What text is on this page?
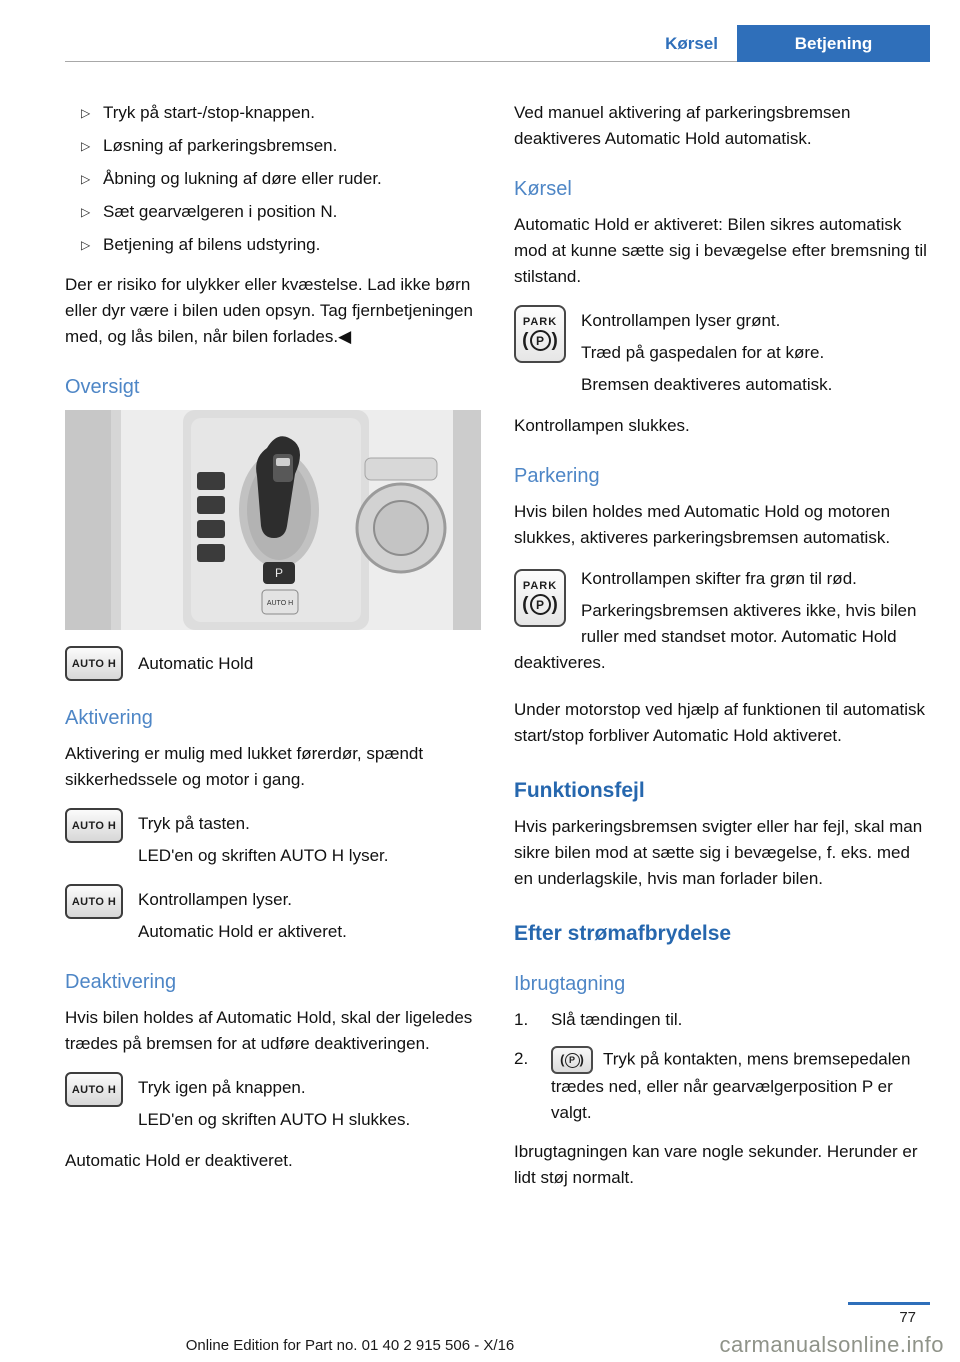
Kørsel	Betjening
▷ Tryk på start-/stop-knappen.
▷ Løsning af parkeringsbremsen.
▷ Åbning og lukning af døre eller ruder.
▷ Sæt gearvælgeren i position N.
▷ Betjening af bilens udstyring.

Der er risiko for ulykker eller kvæstelse. Lad ikke børn eller dyr være i bilen uden opsyn. Tag fjernbetjeningen med, og lås bilen, når bilen forlades.◀

Oversigt
P
AUTO H
AUTO H Automatic Hold

Aktivering

Aktivering er mulig med lukket førerdør, spændt sikkerhedssele og motor i gang.

AUTO H Tryk på tasten.

LED'en og skriften AUTO H lyser.

AUTO H Kontrollampen lyser.

Automatic Hold er aktiveret.

Deaktivering

Hvis bilen holdes af Automatic Hold, skal der ligeledes trædes på bremsen for at udføre deaktiveringen.

AUTO H Tryk igen på knappen.

LED'en og skriften AUTO H slukkes.

Automatic Hold er deaktiveret.

Ved manuel aktivering af parkeringsbremsen deaktiveres Automatic Hold automatisk.

Kørsel

Automatic Hold er aktiveret: Bilen sikres automatisk mod at kunne sætte sig i bevægelse efter bremsning til stilstand.

PARK
( P )

Kontrollampen lyser grønt.

Træd på gaspedalen for at køre.

Bremsen deaktiveres automatisk.

Kontrollampen slukkes.

Parkering

Hvis bilen holdes med Automatic Hold og motoren slukkes, aktiveres parkeringsbremsen automatisk.

PARK
( P )

Kontrollampen skifter fra grøn til rød.

Parkeringsbremsen aktiveres ikke, hvis bilen ruller med standset motor. Automatic Hold deaktiveres.

Under motorstop ved hjælp af funktionen til automatisk start/stop forbliver Automatic Hold aktiveret.

Funktionsfejl

Hvis parkeringsbremsen svigter eller har fejl, skal man sikre bilen mod at sætte sig i bevægelse, f. eks. med en underlagskile, hvis man forlader bilen.

Efter strømafbrydelse
Ibrugtagning
1.	Slå tændingen til.
2.	( P ) Tryk på kontakten, mens bremsepedalen trædes ned, eller når gearvælgerposition P er valgt.

Ibrugtagningen kan vare nogle sekunder. Herunder er lidt støj normalt.

77
Online Edition for Part no. 01 40 2 915 506 - X/16	carmanualsonline.info
